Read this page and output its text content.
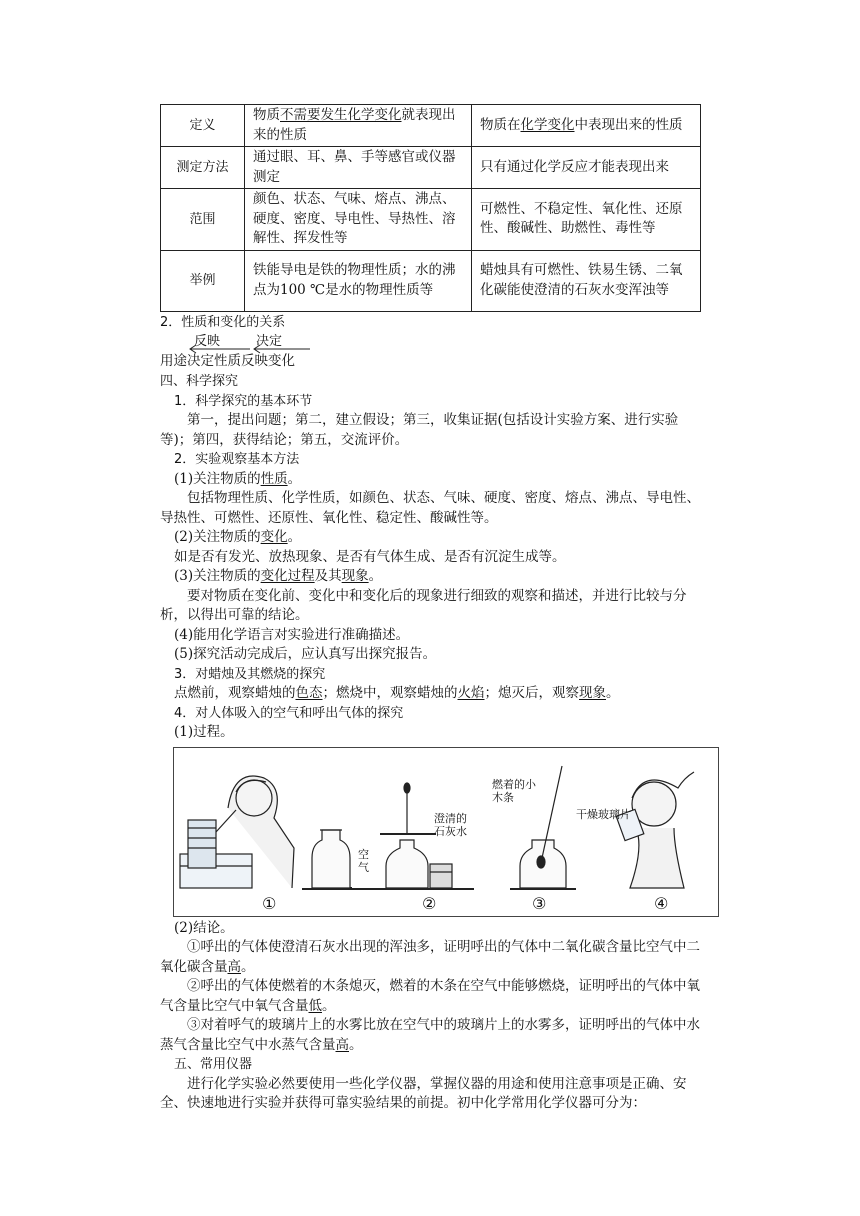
定义	物质不需要发生化学变化就表现出来的性质	物质在化学变化中表现出来的性质
测定方法	通过眼、耳、鼻、手等感官或仪器测定	只有通过化学反应才能表现出来
范围	颜色、状态、气味、熔点、沸点、硬度、密度、导电性、导热性、溶解性、挥发性等	可燃性、不稳定性、氧化性、还原性、酸碱性、助燃性、毒性等
举例	铁能导电是铁的物理性质；水的沸点为100 ℃是水的物理性质等	蜡烛具有可燃性、铁易生锈、二氧化碳能使澄清的石灰水变浑浊等

2．性质和变化的关系

反映	决定
用途决定性质反映变化

四、科学探究

1．科学探究的基本环节

第一，提出问题；第二，建立假设；第三，收集证据(包括设计实验方案、进行实验等)；第四，获得结论；第五，交流评价。

2．实验观察基本方法

(1)关注物质的性质。

包括物理性质、化学性质，如颜色、状态、气味、硬度、密度、熔点、沸点、导电性、导热性、可燃性、还原性、氧化性、稳定性、酸碱性等。

(2)关注物质的变化。

如是否有发光、放热现象、是否有气体生成、是否有沉淀生成等。

(3)关注物质的变化过程及其现象。

要对物质在变化前、变化中和变化后的现象进行细致的观察和描述，并进行比较与分析，以得出可靠的结论。

(4)能用化学语言对实验进行准确描述。

(5)探究活动完成后，应认真写出探究报告。

3．对蜡烛及其燃烧的探究

点燃前，观察蜡烛的色态；燃烧中，观察蜡烛的火焰；熄灭后，观察现象。

4．对人体吸入的空气和呼出气体的探究

(1)过程。

空气
澄清的石灰水
燃着的小木条
干燥玻璃片
①	②	③	④

(2)结论。

①呼出的气体使澄清石灰水出现的浑浊多，证明呼出的气体中二氧化碳含量比空气中二氧化碳含量高。

②呼出的气体使燃着的木条熄灭，燃着的木条在空气中能够燃烧，证明呼出的气体中氧气含量比空气中氧气含量低。

③对着呼气的玻璃片上的水雾比放在空气中的玻璃片上的水雾多，证明呼出的气体中水蒸气含量比空气中水蒸气含量高。

五、常用仪器

进行化学实验必然要使用一些化学仪器，掌握仪器的用途和使用注意事项是正确、安全、快速地进行实验并获得可靠实验结果的前提。初中化学常用化学仪器可分为：
